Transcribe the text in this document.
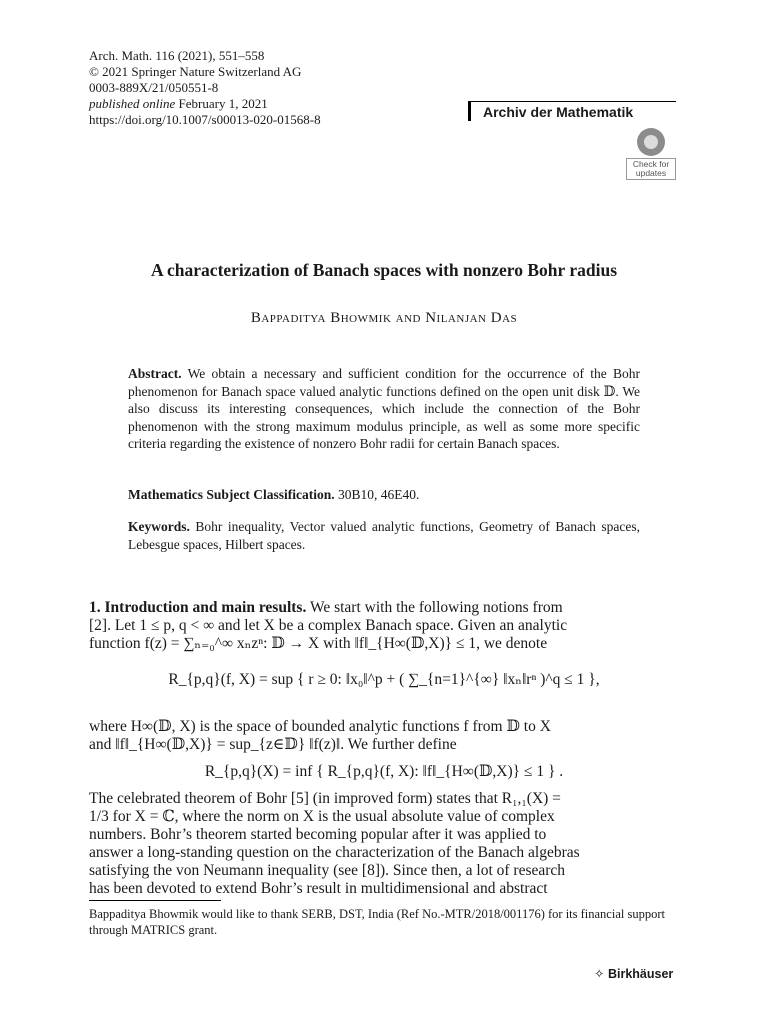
Arch. Math. 116 (2021), 551–558
© 2021 Springer Nature Switzerland AG
0003-889X/21/050551-8
published online February 1, 2021
https://doi.org/10.1007/s00013-020-01568-8	Archiv der Mathematik
Check for
updates
A characterization of Banach spaces with nonzero Bohr radius
Bappaditya Bhowmik and Nilanjan Das
Abstract. We obtain a necessary and sufficient condition for the occurrence of the Bohr phenomenon for Banach space valued analytic functions defined on the open unit disk 𝔻. We also discuss its interesting consequences, which include the connection of the Bohr phenomenon with the strong maximum modulus principle, as well as some more specific criteria regarding the existence of nonzero Bohr radii for certain Banach spaces.
Mathematics Subject Classification. 30B10, 46E40.
Keywords. Bohr inequality, Vector valued analytic functions, Geometry of Banach spaces, Lebesgue spaces, Hilbert spaces.
1. Introduction and main results. We start with the following notions from
[2]. Let 1 ≤ p, q < ∞ and let X be a complex Banach space. Given an analytic
function f(z) = ∑ₙ₌₀^∞ xₙzⁿ: 𝔻 → X with ‖f‖_{H∞(𝔻,X)} ≤ 1, we denote
R_{p,q}(f, X) = sup { r ≥ 0: ‖x₀‖^p + ( ∑_{n=1}^{∞} ‖xₙ‖rⁿ )^q ≤ 1 },
where H∞(𝔻, X) is the space of bounded analytic functions f from 𝔻 to X
and ‖f‖_{H∞(𝔻,X)} = sup_{z∈𝔻} ‖f(z)‖. We further define
R_{p,q}(X) = inf { R_{p,q}(f, X): ‖f‖_{H∞(𝔻,X)} ≤ 1 } .
The celebrated theorem of Bohr [5] (in improved form) states that R₁,₁(X) =
1/3 for X = ℂ, where the norm on X is the usual absolute value of complex
numbers. Bohr’s theorem started becoming popular after it was applied to
answer a long-standing question on the characterization of the Banach algebras
satisfying the von Neumann inequality (see [8]). Since then, a lot of research
has been devoted to extend Bohr’s result in multidimensional and abstract
Bappaditya Bhowmik would like to thank SERB, DST, India (Ref No.-MTR/2018/001176) for its financial support through MATRICS grant.
✧ Birkhäuser
